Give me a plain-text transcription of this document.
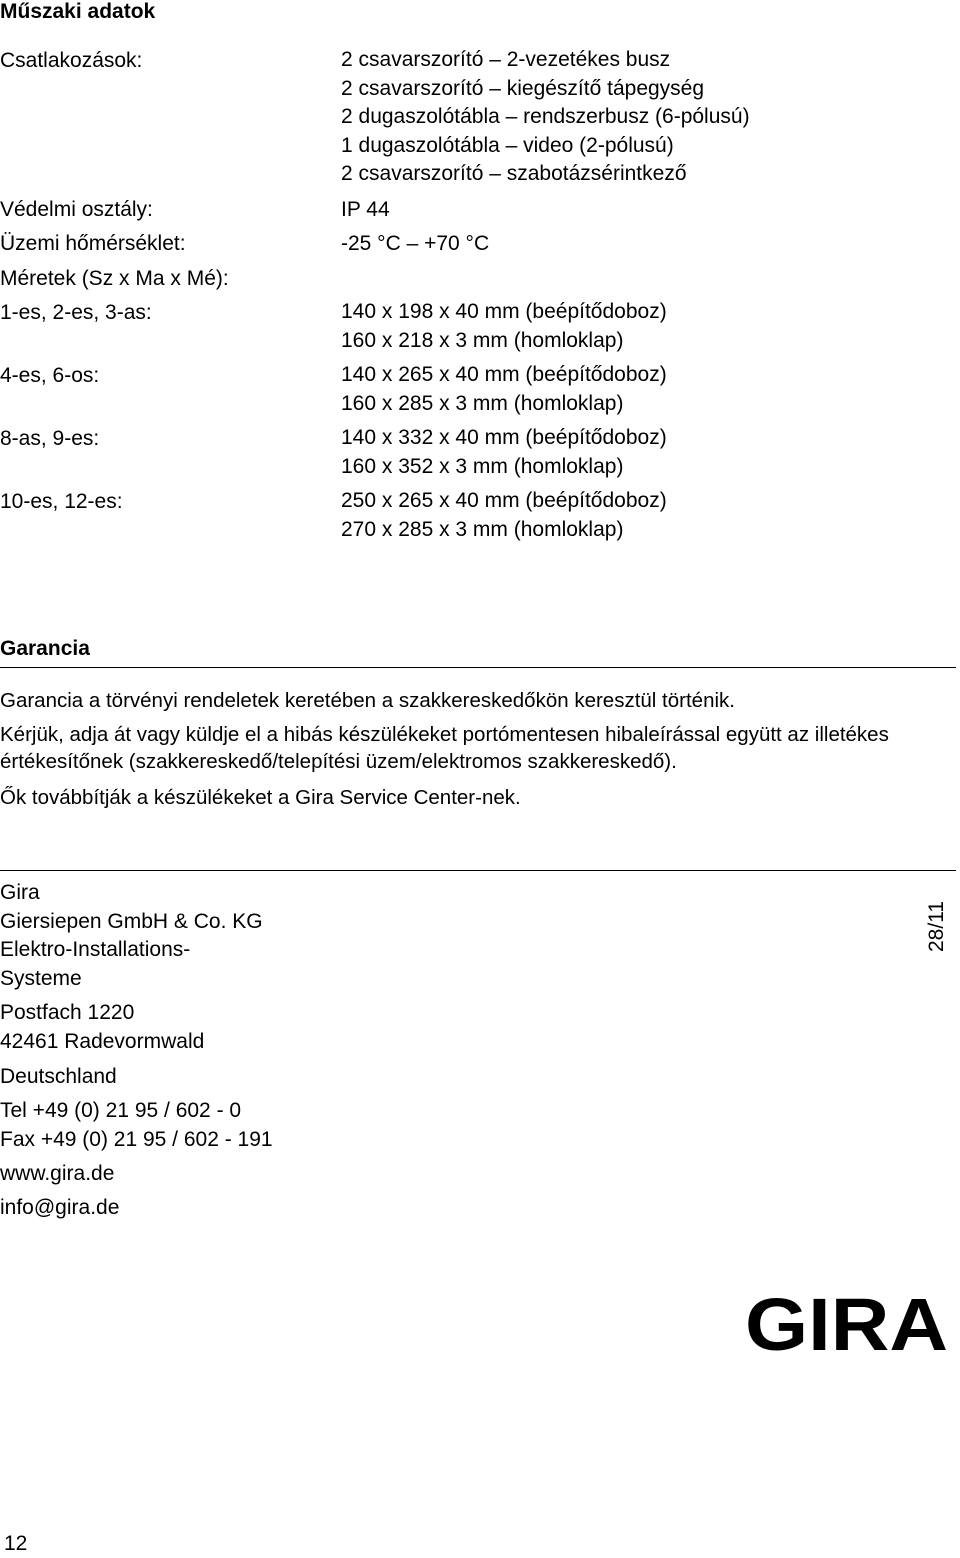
Műszaki adatok
Csatlakozások:	2 csavarszorító – 2-vezetékes busz
2 csavarszorító – kiegészítő tápegység
2 dugaszolótábla – rendszerbusz (6-pólusú)
1 dugaszolótábla – video (2-pólusú)
2 csavarszorító – szabotázsérintkező
Védelmi osztály:	IP 44
Üzemi hőmérséklet:	-25 °C – +70 °C
Méretek (Sz x Ma x Mé):
1-es, 2-es, 3-as:	140 x 198 x 40 mm (beépítődoboz)
160 x 218 x 3 mm (homloklap)
4-es, 6-os:	140 x 265 x 40 mm (beépítődoboz)
160 x 285 x 3 mm (homloklap)
8-as, 9-es:	140 x 332 x 40 mm (beépítődoboz)
160 x 352 x 3 mm (homloklap)
10-es, 12-es:	250 x 265 x 40 mm (beépítődoboz)
270 x 285 x 3 mm (homloklap)
Garancia
Garancia a törvényi rendeletek keretében a szakkereskedőkön keresztül történik.
Kérjük, adja át vagy küldje el a hibás készülékeket portómentesen hibaleírással együtt az illetékes értékesítőnek (szakkereskedő/telepítési üzem/elektromos szakkereskedő).
Ők továbbítják a készülékeket a Gira Service Center-nek.
Gira
Giersiepen GmbH & Co. KG
Elektro-Installations-
Systeme
Postfach 1220
42461 Radevormwald
Deutschland
Tel +49 (0) 21 95 / 602 - 0
Fax +49 (0) 21 95 / 602 - 191
www.gira.de
info@gira.de
28/11
GIRA
12
